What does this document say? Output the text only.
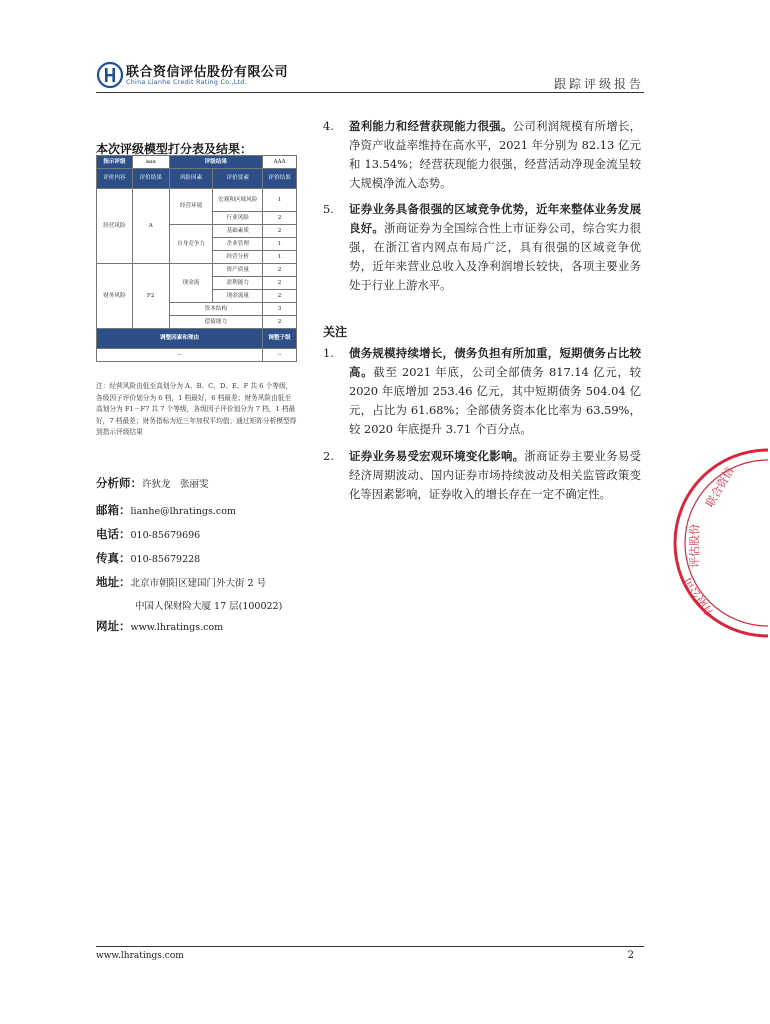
联合资信评估股份有限公司
China Lianhe Credit Rating Co.,Ltd.	跟踪评级报告
本次评级模型打分表及结果：
指示评级	aaa	评级结果		AAA
评价内容	评价结果	风险因素	评价要素	评价结果
经营风险	A	经营环境	宏观和区域风险	1
			行业风险	2
		自身竞争力	基础素质	2
			企业管理	1
			经营分析	1
财务风险	F2	现金流	资产质量	2
			盈利能力	2
			现金流量	2
		资本结构		3
		偿债能力		2
调整因素和理由				调整子级
--				--
注：经营风险由低至高划分为 A、B、C、D、E、F 共 6 个等级，各级因子评价划分为 6 档，1 档最好，6 档最差；财务风险由低至高划分为 F1－F7 共 7 个等级，各级因子评价划分为 7 档，1 档最好，7 档最差；财务指标为近三年加权平均值；通过矩阵分析模型得到指示评级结果
分析师：许狄龙　张丽雯
邮箱：lianhe@lhratings.com
电话：010-85679696
传真：010-85679228
地址：北京市朝阳区建国门外大街 2 号
中国人保财险大厦 17 层(100022)
网址：www.lhratings.com
4.	盈利能力和经营获现能力很强。公司利润规模有所增长，净资产收益率维持在高水平，2021 年分别为 82.13 亿元和 13.54%；经营获现能力很强，经营活动净现金流呈较大规模净流入态势。
5.	证券业务具备很强的区域竞争优势，近年来整体业务发展良好。浙商证券为全国综合性上市证券公司，综合实力很强，在浙江省内网点布局广泛，具有很强的区域竞争优势，近年来营业总收入及净利润增长较快，各项主要业务处于行业上游水平。
关注
1.	债务规模持续增长，债务负担有所加重，短期债务占比较高。截至 2021 年底，公司全部债务 817.14 亿元，较 2020 年底增加 253.46 亿元，其中短期债务 504.04 亿元，占比为 61.68%；全部债务资本化比率为 63.59%，较 2020 年底提升 3.71 个百分点。
2.	证券业务易受宏观环境变化影响。浙商证券主要业务易受经济周期波动、国内证券市场持续波动及相关监管政策变化等因素影响，证券收入的增长存在一定不确定性。	联合资信
评估股份
有限公司
www.lhratings.com	2
